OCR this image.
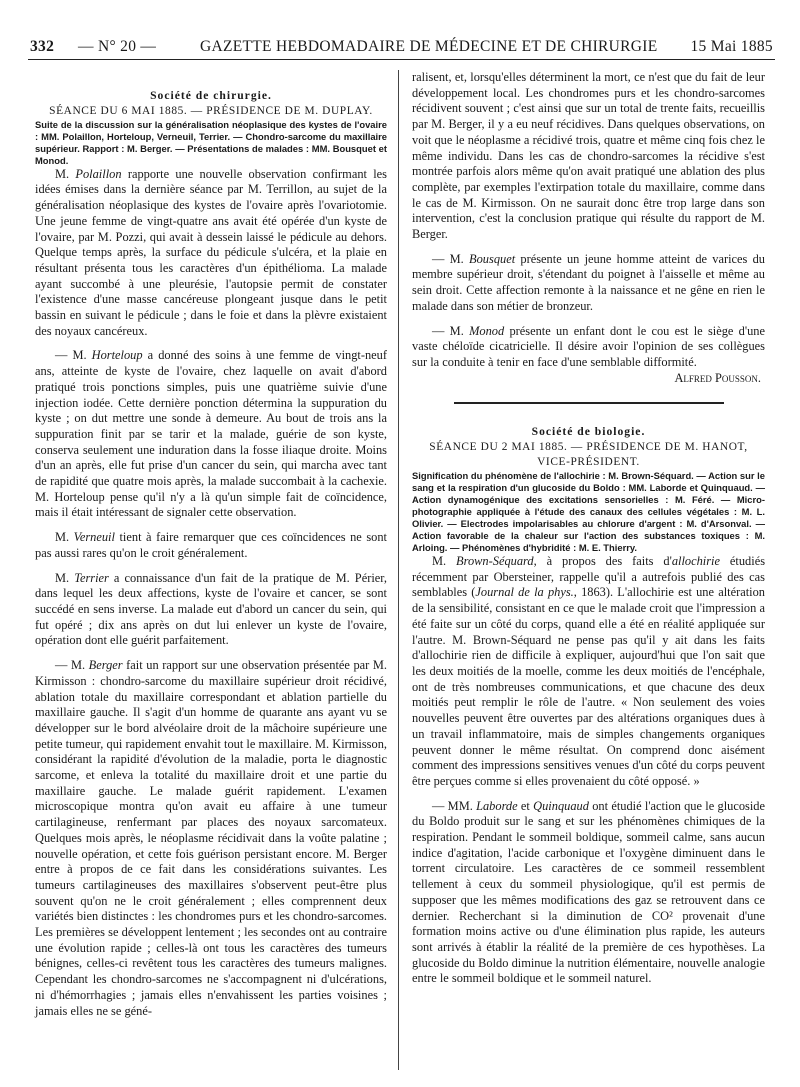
332 — N° 20 —	GAZETTE HEBDOMADAIRE DE MÉDECINE ET DE CHIRURGIE 15 Mai 1885

Société de chirurgie.

SÉANCE DU 6 MAI 1885. — PRÉSIDENCE DE M. DUPLAY.

Suite de la discussion sur la généralisation néoplasique des kystes de l'ovaire : MM. Polaillon, Horteloup, Verneuil, Terrier. — Chondro-sarcome du maxillaire supérieur. Rapport : M. Berger. — Présentations de malades : MM. Bousquet et Monod.

M. Polaillon rapporte une nouvelle observation confirmant les idées émises dans la dernière séance par M. Terrillon, au sujet de la généralisation néoplasique des kystes de l'ovaire après l'ovariotomie. Une jeune femme de vingt-quatre ans avait été opérée d'un kyste de l'ovaire, par M. Pozzi, qui avait à dessein laissé le pédicule au dehors. Quelque temps après, la surface du pédicule s'ulcéra, et la plaie en résultant présenta tous les caractères d'un épithélioma. La malade ayant succombé à une pleurésie, l'autopsie permit de constater l'existence d'une masse cancéreuse plongeant jusque dans le petit bassin en suivant le pédicule ; dans le foie et dans la plèvre existaient des noyaux cancéreux.

— M. Horteloup a donné des soins à une femme de vingt-neuf ans, atteinte de kyste de l'ovaire, chez laquelle on avait d'abord pratiqué trois ponctions simples, puis une quatrième suivie d'une injection iodée. Cette dernière ponction détermina la suppuration du kyste ; on dut mettre une sonde à demeure. Au bout de trois ans la suppuration finit par se tarir et la malade, guérie de son kyste, conserva seulement une induration dans la fosse iliaque droite. Moins d'un an après, elle fut prise d'un cancer du sein, qui marcha avec tant de rapidité que quatre mois après, la malade succombait à la cachexie. M. Horteloup pense qu'il n'y a là qu'un simple fait de coïncidence, mais il était intéressant de signaler cette observation.

M. Verneuil tient à faire remarquer que ces coïncidences ne sont pas aussi rares qu'on le croit généralement.

M. Terrier a connaissance d'un fait de la pratique de M. Périer, dans lequel les deux affections, kyste de l'ovaire et cancer, se sont succédé en sens inverse. La malade eut d'abord un cancer du sein, qui fut opéré ; dix ans après on dut lui enlever un kyste de l'ovaire, opération dont elle guérit parfaitement.

— M. Berger fait un rapport sur une observation présentée par M. Kirmisson : chondro-sarcome du maxillaire supérieur droit récidivé, ablation totale du maxillaire correspondant et ablation partielle du maxillaire gauche. Il s'agit d'un homme de quarante ans ayant vu se développer sur le bord alvéolaire droit de la mâchoire supérieure une petite tumeur, qui rapidement envahit tout le maxillaire. M. Kirmisson, considérant la rapidité d'évolution de la maladie, porta le diagnostic sarcome, et enleva la totalité du maxillaire droit et une partie du maxillaire gauche. Le malade guérit rapidement. L'examen microscopique montra qu'on avait eu affaire à une tumeur cartilagineuse, renfermant par places des noyaux sarcomateux. Quelques mois après, le néoplasme récidivait dans la voûte palatine ; nouvelle opération, et cette fois guérison persistant encore. M. Berger entre à propos de ce fait dans les considérations suivantes. Les tumeurs cartilagineuses des maxillaires s'observent peut-être plus souvent qu'on ne le croit généralement ; elles comprennent deux variétés bien distinctes : les chondromes purs et les chondro-sarcomes. Les premières se développent lentement ; les secondes ont au contraire une évolution rapide ; celles-là ont tous les caractères des tumeurs bénignes, celles-ci revêtent tous les caractères des tumeurs malignes. Cependant les chondro-sarcomes ne s'accompagnent ni d'ulcérations, ni d'hémorrhagies ; jamais elles n'envahissent les parties voisines ; jamais elles ne se géné-

ralisent, et, lorsqu'elles déterminent la mort, ce n'est que du fait de leur développement local. Les chondromes purs et les chondro-sarcomes récidivent souvent ; c'est ainsi que sur un total de trente faits, recueillis par M. Berger, il y a eu neuf récidives. Dans quelques observations, on voit que le néoplasme a récidivé trois, quatre et même cinq fois chez le même individu. Dans les cas de chondro-sarcomes la récidive s'est montrée parfois alors même qu'on avait pratiqué une ablation des plus complète, par exemples l'extirpation totale du maxillaire, comme dans le cas de M. Kirmisson. On ne saurait donc être trop large dans son intervention, c'est la conclusion pratique qui résulte du rapport de M. Berger.

— M. Bousquet présente un jeune homme atteint de varices du membre supérieur droit, s'étendant du poignet à l'aisselle et même au sein droit. Cette affection remonte à la naissance et ne gêne en rien le malade dans son métier de bronzeur.

— M. Monod présente un enfant dont le cou est le siège d'une vaste chéloïde cicatricielle. Il désire avoir l'opinion de ses collègues sur la conduite à tenir en face d'une semblable difformité.

Alfred Pousson.

Société de biologie.

SÉANCE DU 2 MAI 1885. — PRÉSIDENCE DE M. HANOT, VICE-PRÉSIDENT.

Signification du phénomène de l'allochirie : M. Brown-Séquard. — Action sur le sang et la respiration d'un glucoside du Boldo : MM. Laborde et Quinquaud. — Action dynamogénique des excitations sensorielles : M. Féré. — Micro-photographie appliquée à l'étude des canaux des cellules végétales : M. L. Olivier. — Electrodes impolarisables au chlorure d'argent : M. d'Arsonval. — Action favorable de la chaleur sur l'action des substances toxiques : M. Arloing. — Phénomènes d'hybridité : M. E. Thierry.

M. Brown-Séquard, à propos des faits d'allochirie étudiés récemment par Obersteiner, rappelle qu'il a autrefois publié des cas semblables (Journal de la phys., 1863). L'allochirie est une altération de la sensibilité, consistant en ce que le malade croit que l'impression a été faite sur un côté du corps, quand elle a été en réalité appliquée sur l'autre. M. Brown-Séquard ne pense pas qu'il y ait dans les faits d'allochirie rien de difficile à expliquer, aujourd'hui que l'on sait que les deux moitiés de la moelle, comme les deux moitiés de l'encéphale, ont de très nombreuses communications, et que chacune des deux moitiés peut remplir le rôle de l'autre. « Non seulement des voies nouvelles peuvent être ouvertes par des altérations organiques dues à un travail inflammatoire, mais de simples changements organiques peuvent donner le même résultat. On comprend donc aisément comment des impressions sensitives venues d'un côté du corps peuvent être perçues comme si elles provenaient du côté opposé. »

— MM. Laborde et Quinquaud ont étudié l'action que le glucoside du Boldo produit sur le sang et sur les phénomènes chimiques de la respiration. Pendant le sommeil boldique, sommeil calme, sans aucun indice d'agitation, l'acide carbonique et l'oxygène diminuent dans le torrent circulatoire. Les caractères de ce sommeil ressemblent tellement à ceux du sommeil physiologique, qu'il est permis de supposer que les mêmes modifications des gaz se retrouvent dans ce dernier. Recherchant si la diminution de CO² provenait d'une formation moins active ou d'une élimination plus rapide, les auteurs sont arrivés à établir la réalité de la première de ces hypothèses. La glucoside du Boldo diminue la nutrition élémentaire, nouvelle analogie entre le sommeil boldique et le sommeil naturel.
